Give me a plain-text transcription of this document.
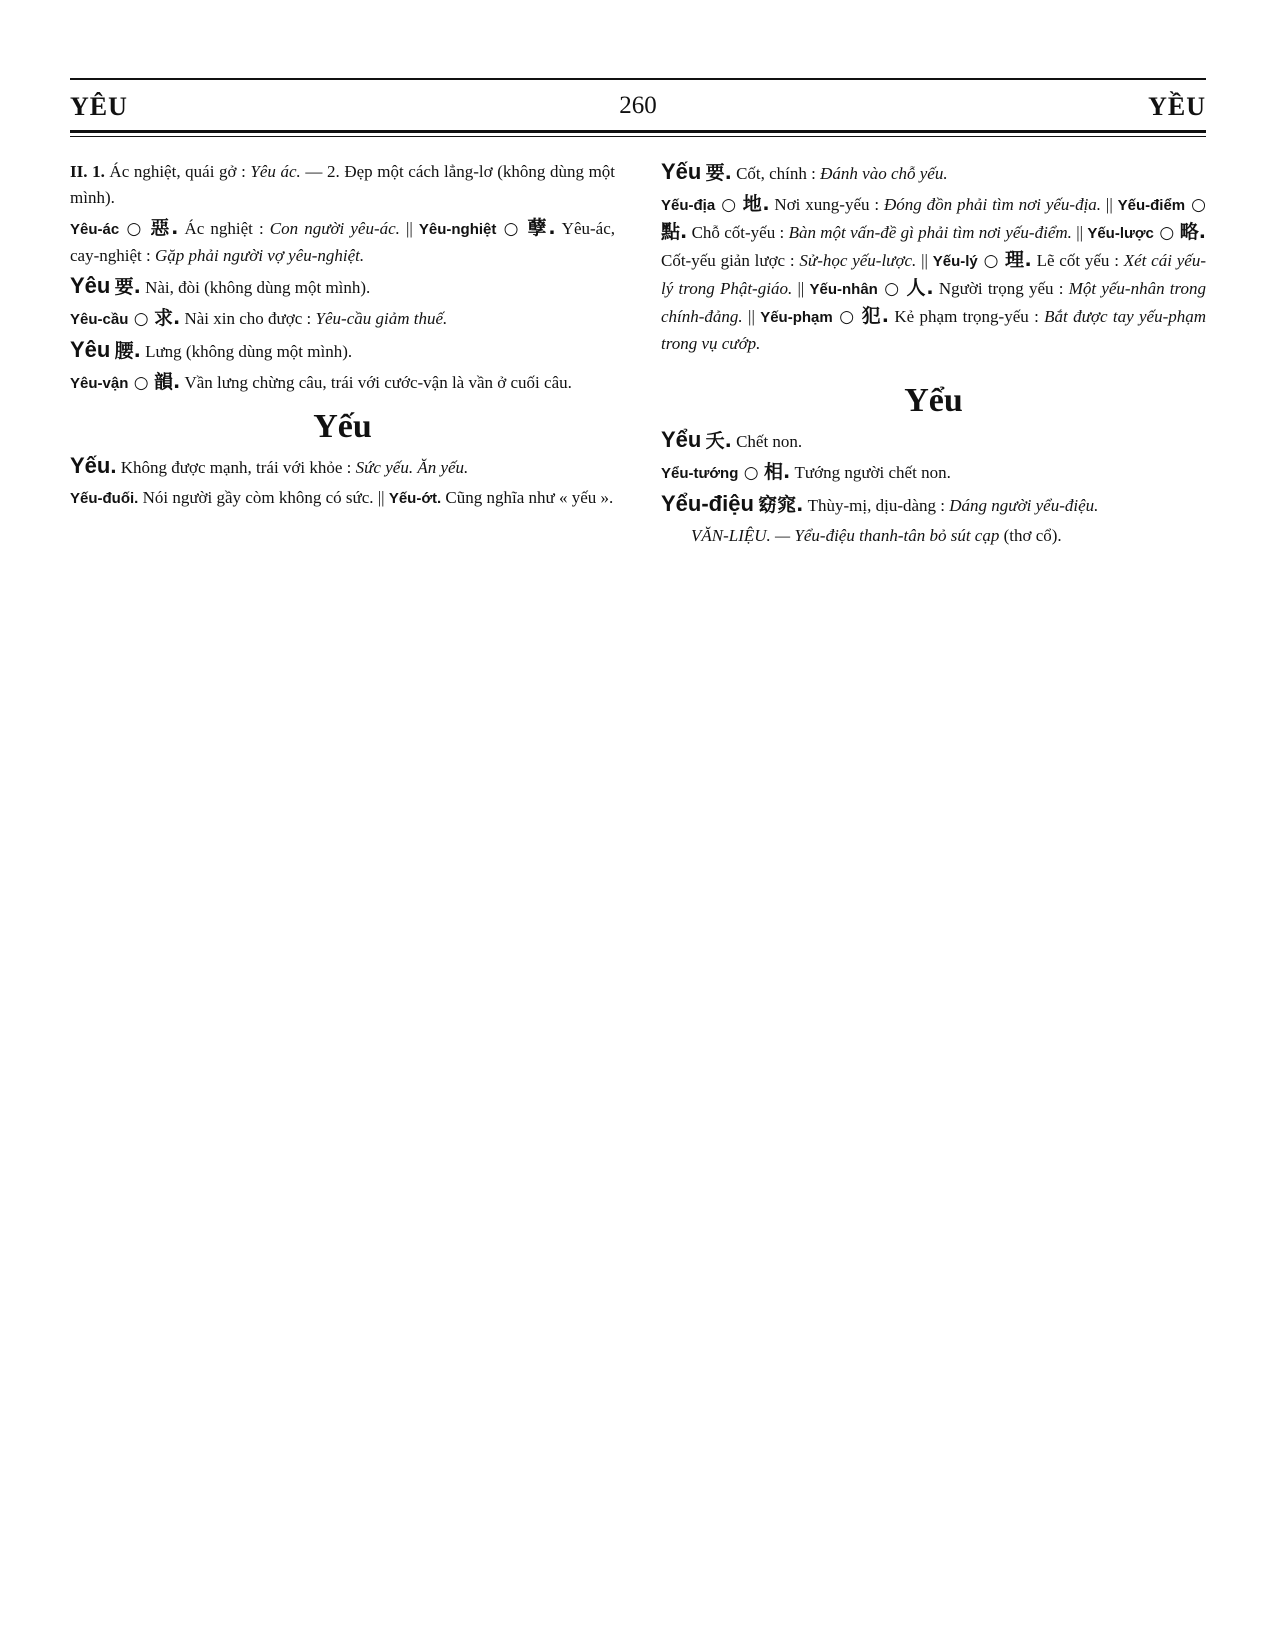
YÊU	260	YỀU

II. 1. Ác nghiệt, quái gở : Yêu ác. — 2. Đẹp một cách lẳng-lơ (không dùng một mình).

Yêu-ác ○ 惡. Ác nghiệt : Con người yêu-ác. || Yêu-nghiệt ○ 孽. Yêu-ác, cay-nghiệt : Gặp phải người vợ yêu-nghiệt.

Yêu 要. Nài, đòi (không dùng một mình).

Yêu-cầu ○ 求. Nài xin cho được : Yêu-cầu giảm thuế.

Yêu 腰. Lưng (không dùng một mình).

Yêu-vận ○ 韻. Vần lưng chừng câu, trái với cước-vận là vần ở cuối câu.

Yếu

Yếu. Không được mạnh, trái với khỏe : Sức yếu. Ăn yếu.

Yếu-đuối. Nói người gầy còm không có sức. || Yếu-ớt. Cũng nghĩa như « yếu ».

Yếu 要. Cốt, chính : Đánh vào chỗ yếu.

Yếu-địa ○ 地. Nơi xung-yếu : Đóng đồn phải tìm nơi yếu-địa. || Yếu-điểm ○ 點. Chỗ cốt-yếu : Bàn một vấn-đề gì phải tìm nơi yếu-điểm. || Yếu-lược ○ 略. Cốt-yếu giản lược : Sử-học yếu-lược. || Yếu-lý ○ 理. Lẽ cốt yếu : Xét cái yếu-lý trong Phật-giáo. || Yếu-nhân ○ 人. Người trọng yếu : Một yếu-nhân trong chính-đảng. || Yếu-phạm ○ 犯. Kẻ phạm trọng-yếu : Bắt được tay yếu-phạm trong vụ cướp.

Yểu

Yểu 夭. Chết non.

Yểu-tướng ○ 相. Tướng người chết non.

Yểu-điệu 窈窕. Thùy-mị, dịu-dàng : Dáng người yểu-điệu.

VĂN-LIỆU. — Yểu-điệu thanh-tân bỏ sút cạp (thơ cổ).
